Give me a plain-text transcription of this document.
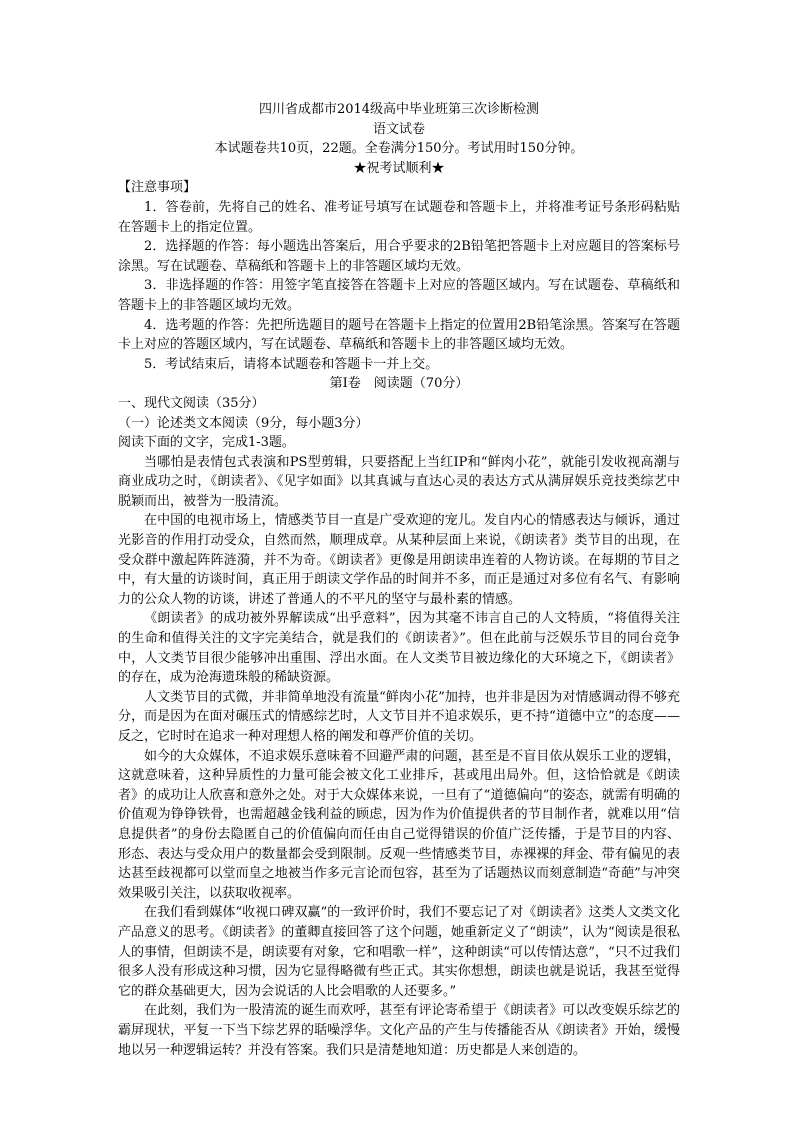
四川省成都市2014级高中毕业班第三次诊断检测
语文试卷
本试题卷共10页，22题。全卷满分150分。考试用时150分钟。
★祝考试顺利★
【注意事项】

1．答卷前，先将自己的姓名、准考证号填写在试题卷和答题卡上，并将准考证号条形码粘贴在答题卡上的指定位置。

2．选择题的作答：每小题选出答案后，用合乎要求的2B铅笔把答题卡上对应题目的答案标号涂黑。写在试题卷、草稿纸和答题卡上的非答题区域均无效。

3．非选择题的作答：用签字笔直接答在答题卡上对应的答题区域内。写在试题卷、草稿纸和答题卡上的非答题区域均无效。

4．选考题的作答：先把所选题目的题号在答题卡上指定的位置用2B铅笔涂黑。答案写在答题卡上对应的答题区域内，写在试题卷、草稿纸和答题卡上的非答题区域均无效。

5．考试结束后，请将本试题卷和答题卡一并上交。

第Ⅰ卷　阅读题（70分）
一、现代文阅读（35分）
（一）论述类文本阅读（9分，每小题3分）
阅读下面的文字，完成1-3题。

当哪怕是表情包式表演和PS型剪辑，只要搭配上当红IP和“鲜肉小花”，就能引发收视高潮与商业成功之时，《朗读者》、《见字如面》以其真诚与直达心灵的表达方式从满屏娱乐竞技类综艺中脱颖而出，被誉为一股清流。

在中国的电视市场上，情感类节目一直是广受欢迎的宠儿。发自内心的情感表达与倾诉，通过光影音的作用打动受众，自然而然，顺理成章。从某种层面上来说，《朗读者》类节目的出现，在受众群中激起阵阵涟漪，并不为奇。《朗读者》更像是用朗读串连着的人物访谈。在每期的节目之中，有大量的访谈时间，真正用于朗读文学作品的时间并不多，而正是通过对多位有名气、有影响力的公众人物的访谈，讲述了普通人的不平凡的坚守与最朴素的情感。

《朗读者》的成功被外界解读成“出乎意料”，因为其毫不讳言自己的人文特质，“将值得关注的生命和值得关注的文字完美结合，就是我们的《朗读者》”。但在此前与泛娱乐节目的同台竞争中，人文类节目很少能够冲出重围、浮出水面。在人文类节目被边缘化的大环境之下，《朗读者》的存在，成为沧海遗珠般的稀缺资源。

人文类节目的式微，并非简单地没有流量“鲜肉小花”加持，也并非是因为对情感调动得不够充分，而是因为在面对碾压式的情感综艺时，人文节目并不追求娱乐，更不持“道德中立”的态度——反之，它时时在追求一种对理想人格的阐发和尊严价值的关切。

如今的大众媒体，不追求娱乐意味着不回避严肃的问题，甚至是不盲目依从娱乐工业的逻辑，这就意味着，这种异质性的力量可能会被文化工业排斥，甚或甩出局外。但，这恰恰就是《朗读者》的成功让人欣喜和意外之处。对于大众媒体来说，一旦有了“道德偏向”的姿态，就需有明确的价值观为铮铮铁骨，也需超越金钱利益的顾虑，因为作为价值提供者的节目制作者，就难以用“信息提供者”的身份去隐匿自己的价值偏向而任由自己觉得错误的价值广泛传播，于是节目的内容、形态、表达与受众用户的数量都会受到限制。反观一些情感类节目，赤裸裸的拜金、带有偏见的表达甚至歧视都可以堂而皇之地被当作多元言论而包容，甚至为了话题热议而刻意制造“奇葩”与冲突效果吸引关注，以获取收视率。

在我们看到媒体“收视口碑双赢”的一致评价时，我们不要忘记了对《朗读者》这类人文类文化产品意义的思考。《朗读者》的董卿直接回答了这个问题，她重新定义了“朗读”，认为“阅读是很私人的事情，但朗读不是，朗读要有对象，它和唱歌一样”，这种朗读“可以传情达意”，“只不过我们很多人没有形成这种习惯，因为它显得略微有些正式。其实你想想，朗读也就是说话，我甚至觉得它的群众基础更大，因为会说话的人比会唱歌的人还要多。”

在此刻，我们为一股清流的诞生而欢呼，甚至有评论寄希望于《朗读者》可以改变娱乐综艺的霸屏现状，平复一下当下综艺界的聒噪浮华。文化产品的产生与传播能否从《朗读者》开始，缓慢地以另一种逻辑运转？并没有答案。我们只是清楚地知道：历史都是人来创造的。
